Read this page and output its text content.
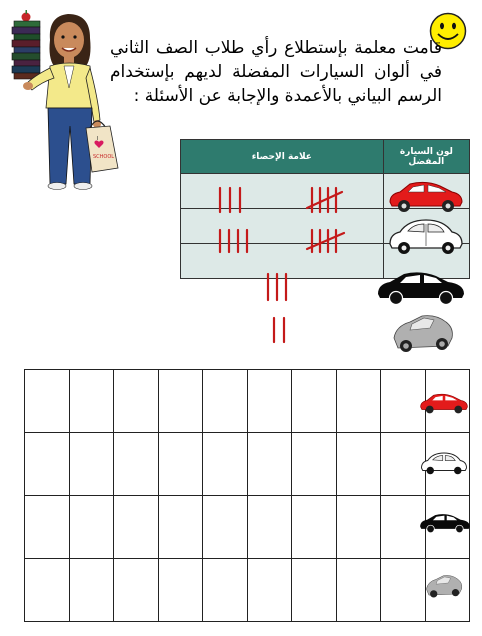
I
SCHOOL
قامت معلمة بإستطلاع رأي طلاب الصف الثاني في ألوان السيارات المفضلة لديهم بإستخدام الرسم البياني بالأعمدة والإجابة عن الأسئلة :
علامة الإحصاء	لون السيارة المفضل
